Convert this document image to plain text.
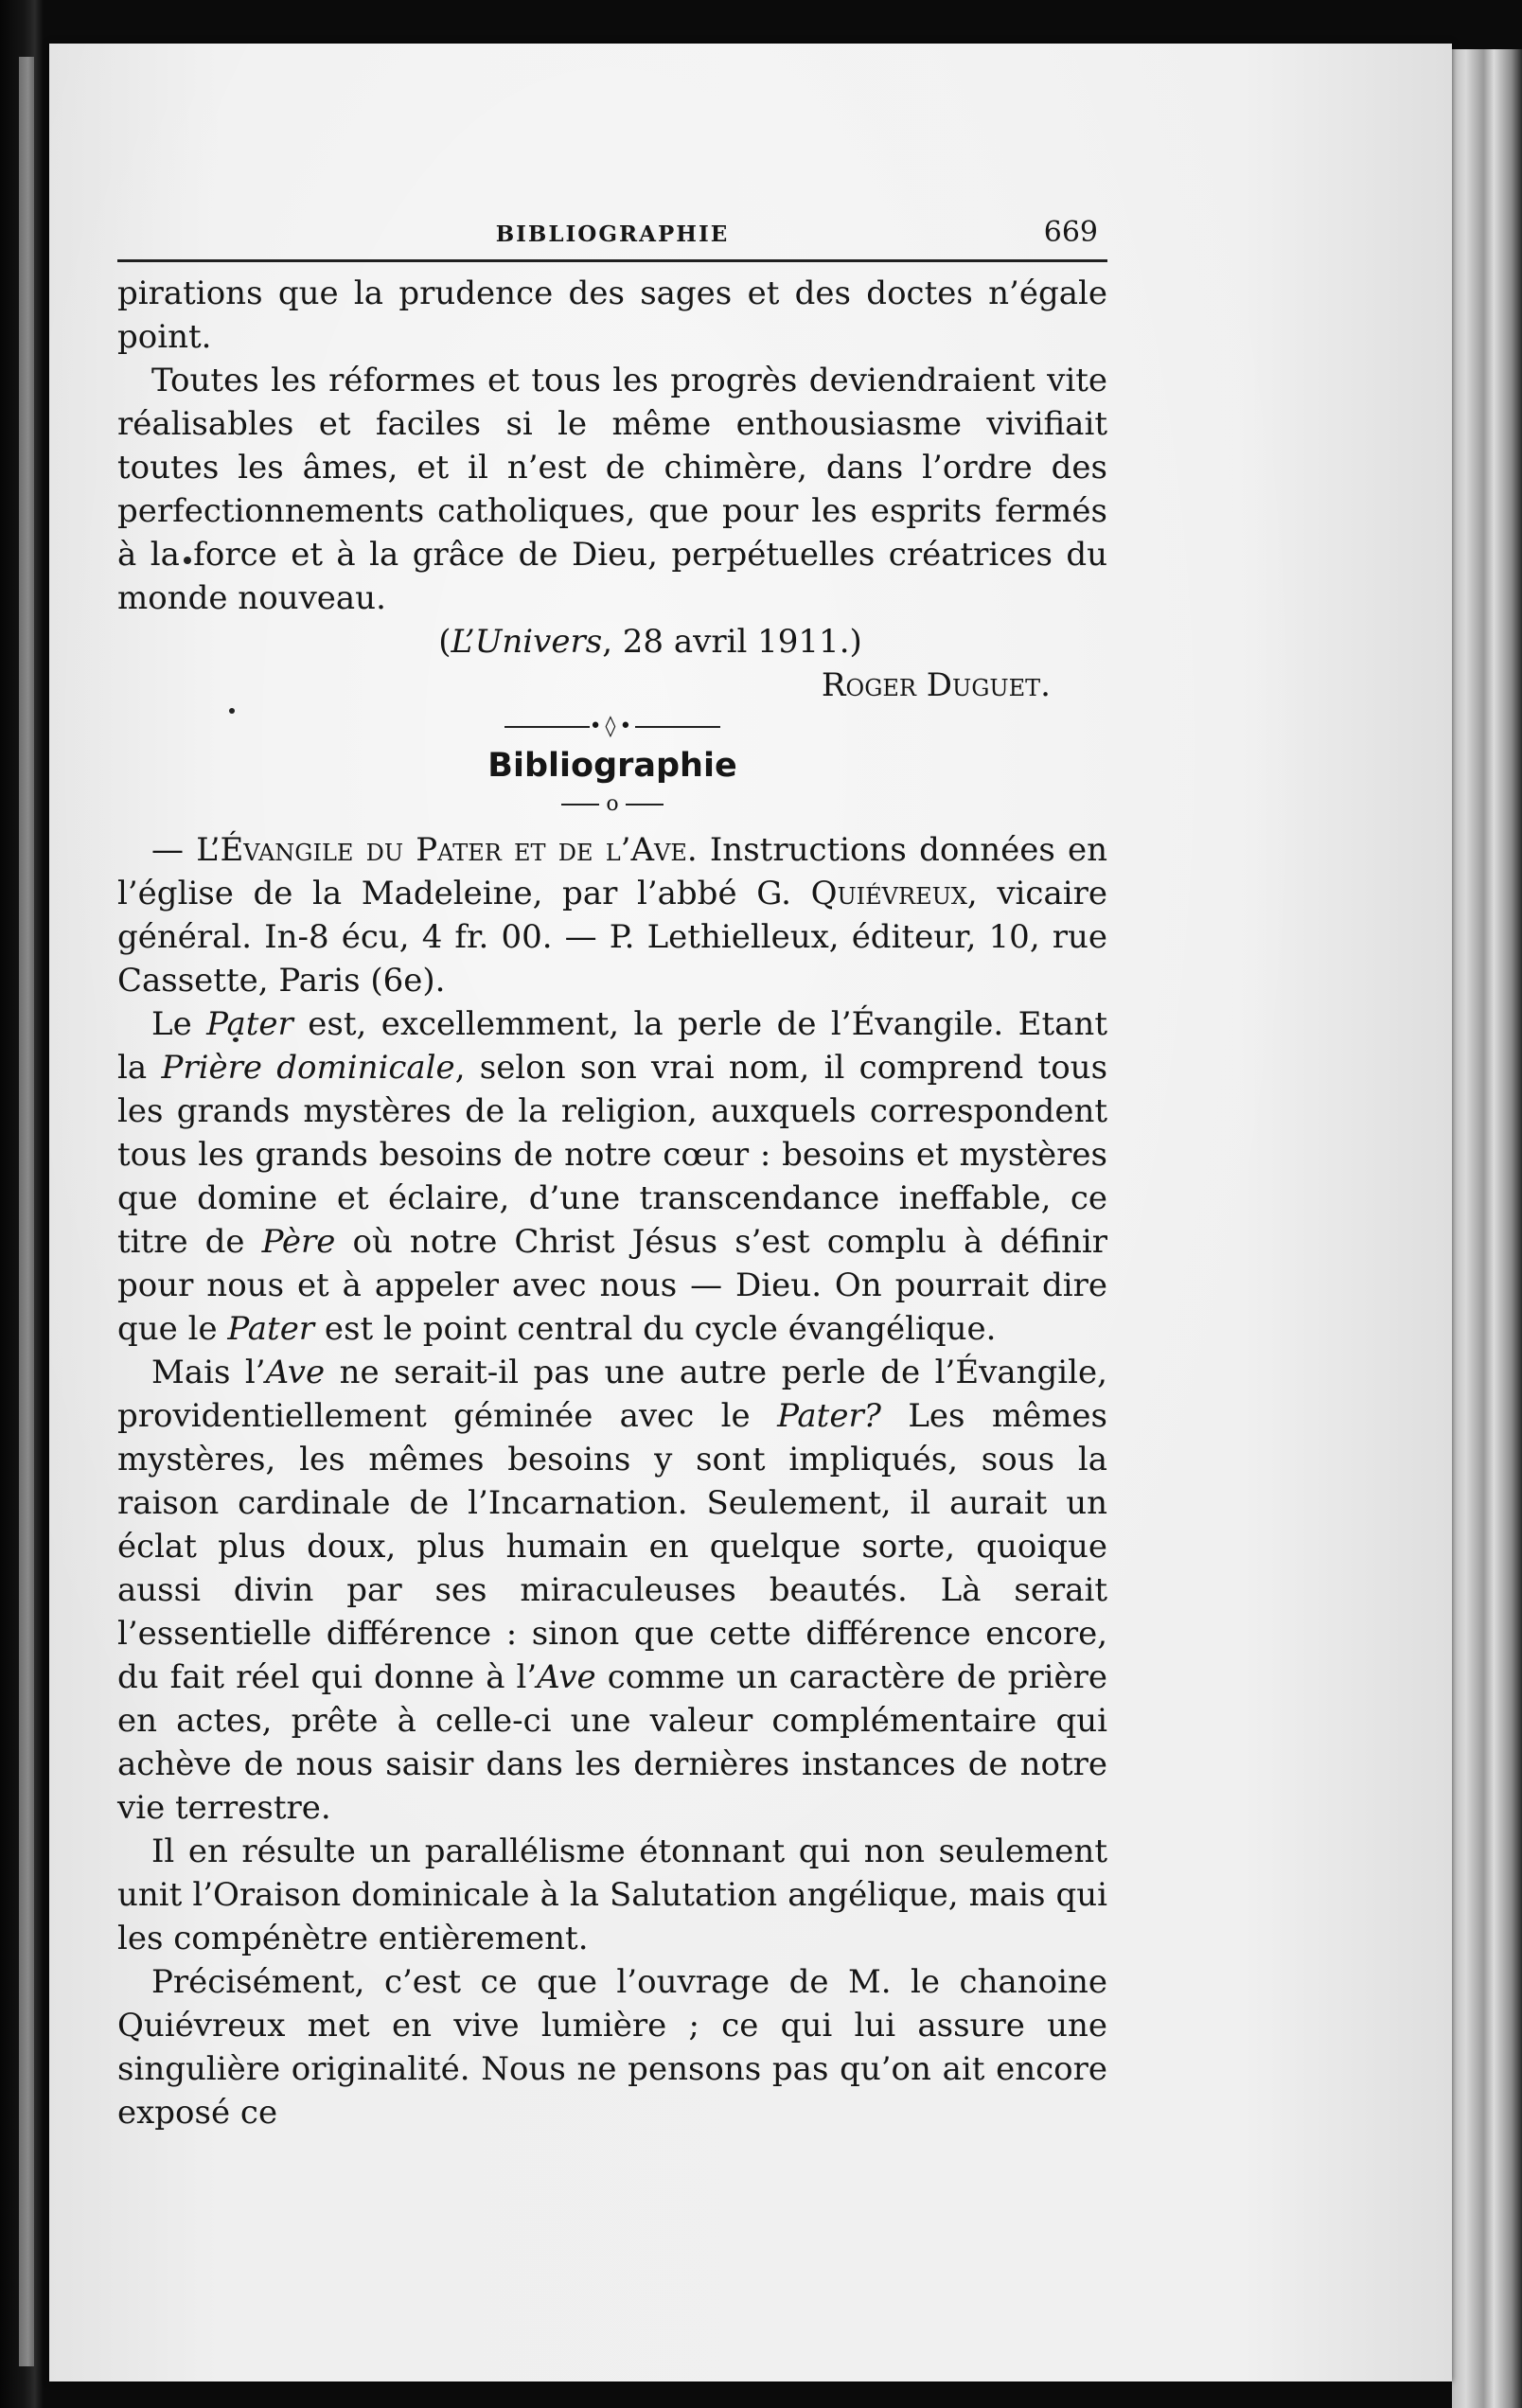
BIBLIOGRAPHIE	669

pirations que la prudence des sages et des doctes n’égale point.

Toutes les réformes et tous les progrès deviendraient vite réalisables et faciles si le même enthousiasme vivifiait toutes les âmes, et il n’est de chimère, dans l’ordre des perfectionnements catholiques, que pour les esprits fermés à la force et à la grâce de Dieu, perpétuelles créatrices du monde nouveau.

(L’Univers, 28 avril 1911.)

Roger Duguet.

•◊•
Bibliographie
o

— L’Évangile du Pater et de l’Ave. Instructions données en l’église de la Madeleine, par l’abbé G. Quiévreux, vicaire général. In-8 écu, 4 fr. 00. — P. Lethielleux, éditeur, 10, rue Cassette, Paris (6e).

Le Pater est, excellemment, la perle de l’Évangile. Etant la Prière dominicale, selon son vrai nom, il comprend tous les grands mystères de la religion, auxquels correspondent tous les grands besoins de notre cœur : besoins et mystères que domine et éclaire, d’une transcendance ineffable, ce titre de Père où notre Christ Jésus s’est complu à définir pour nous et à appeler avec nous — Dieu. On pourrait dire que le Pater est le point central du cycle évangélique.

Mais l’Ave ne serait-il pas une autre perle de l’Évangile, providentiellement géminée avec le Pater? Les mêmes mystères, les mêmes besoins y sont impliqués, sous la raison cardinale de l’Incarnation. Seulement, il aurait un éclat plus doux, plus humain en quelque sorte, quoique aussi divin par ses miraculeuses beautés. Là serait l’essentielle différence : sinon que cette différence encore, du fait réel qui donne à l’Ave comme un caractère de prière en actes, prête à celle-ci une valeur complémentaire qui achève de nous saisir dans les dernières instances de notre vie terrestre.

Il en résulte un parallélisme étonnant qui non seulement unit l’Oraison dominicale à la Salutation angélique, mais qui les compénètre entièrement.

Précisément, c’est ce que l’ouvrage de M. le chanoine Quiévreux met en vive lumière ; ce qui lui assure une singulière originalité. Nous ne pensons pas qu’on ait encore exposé ce
